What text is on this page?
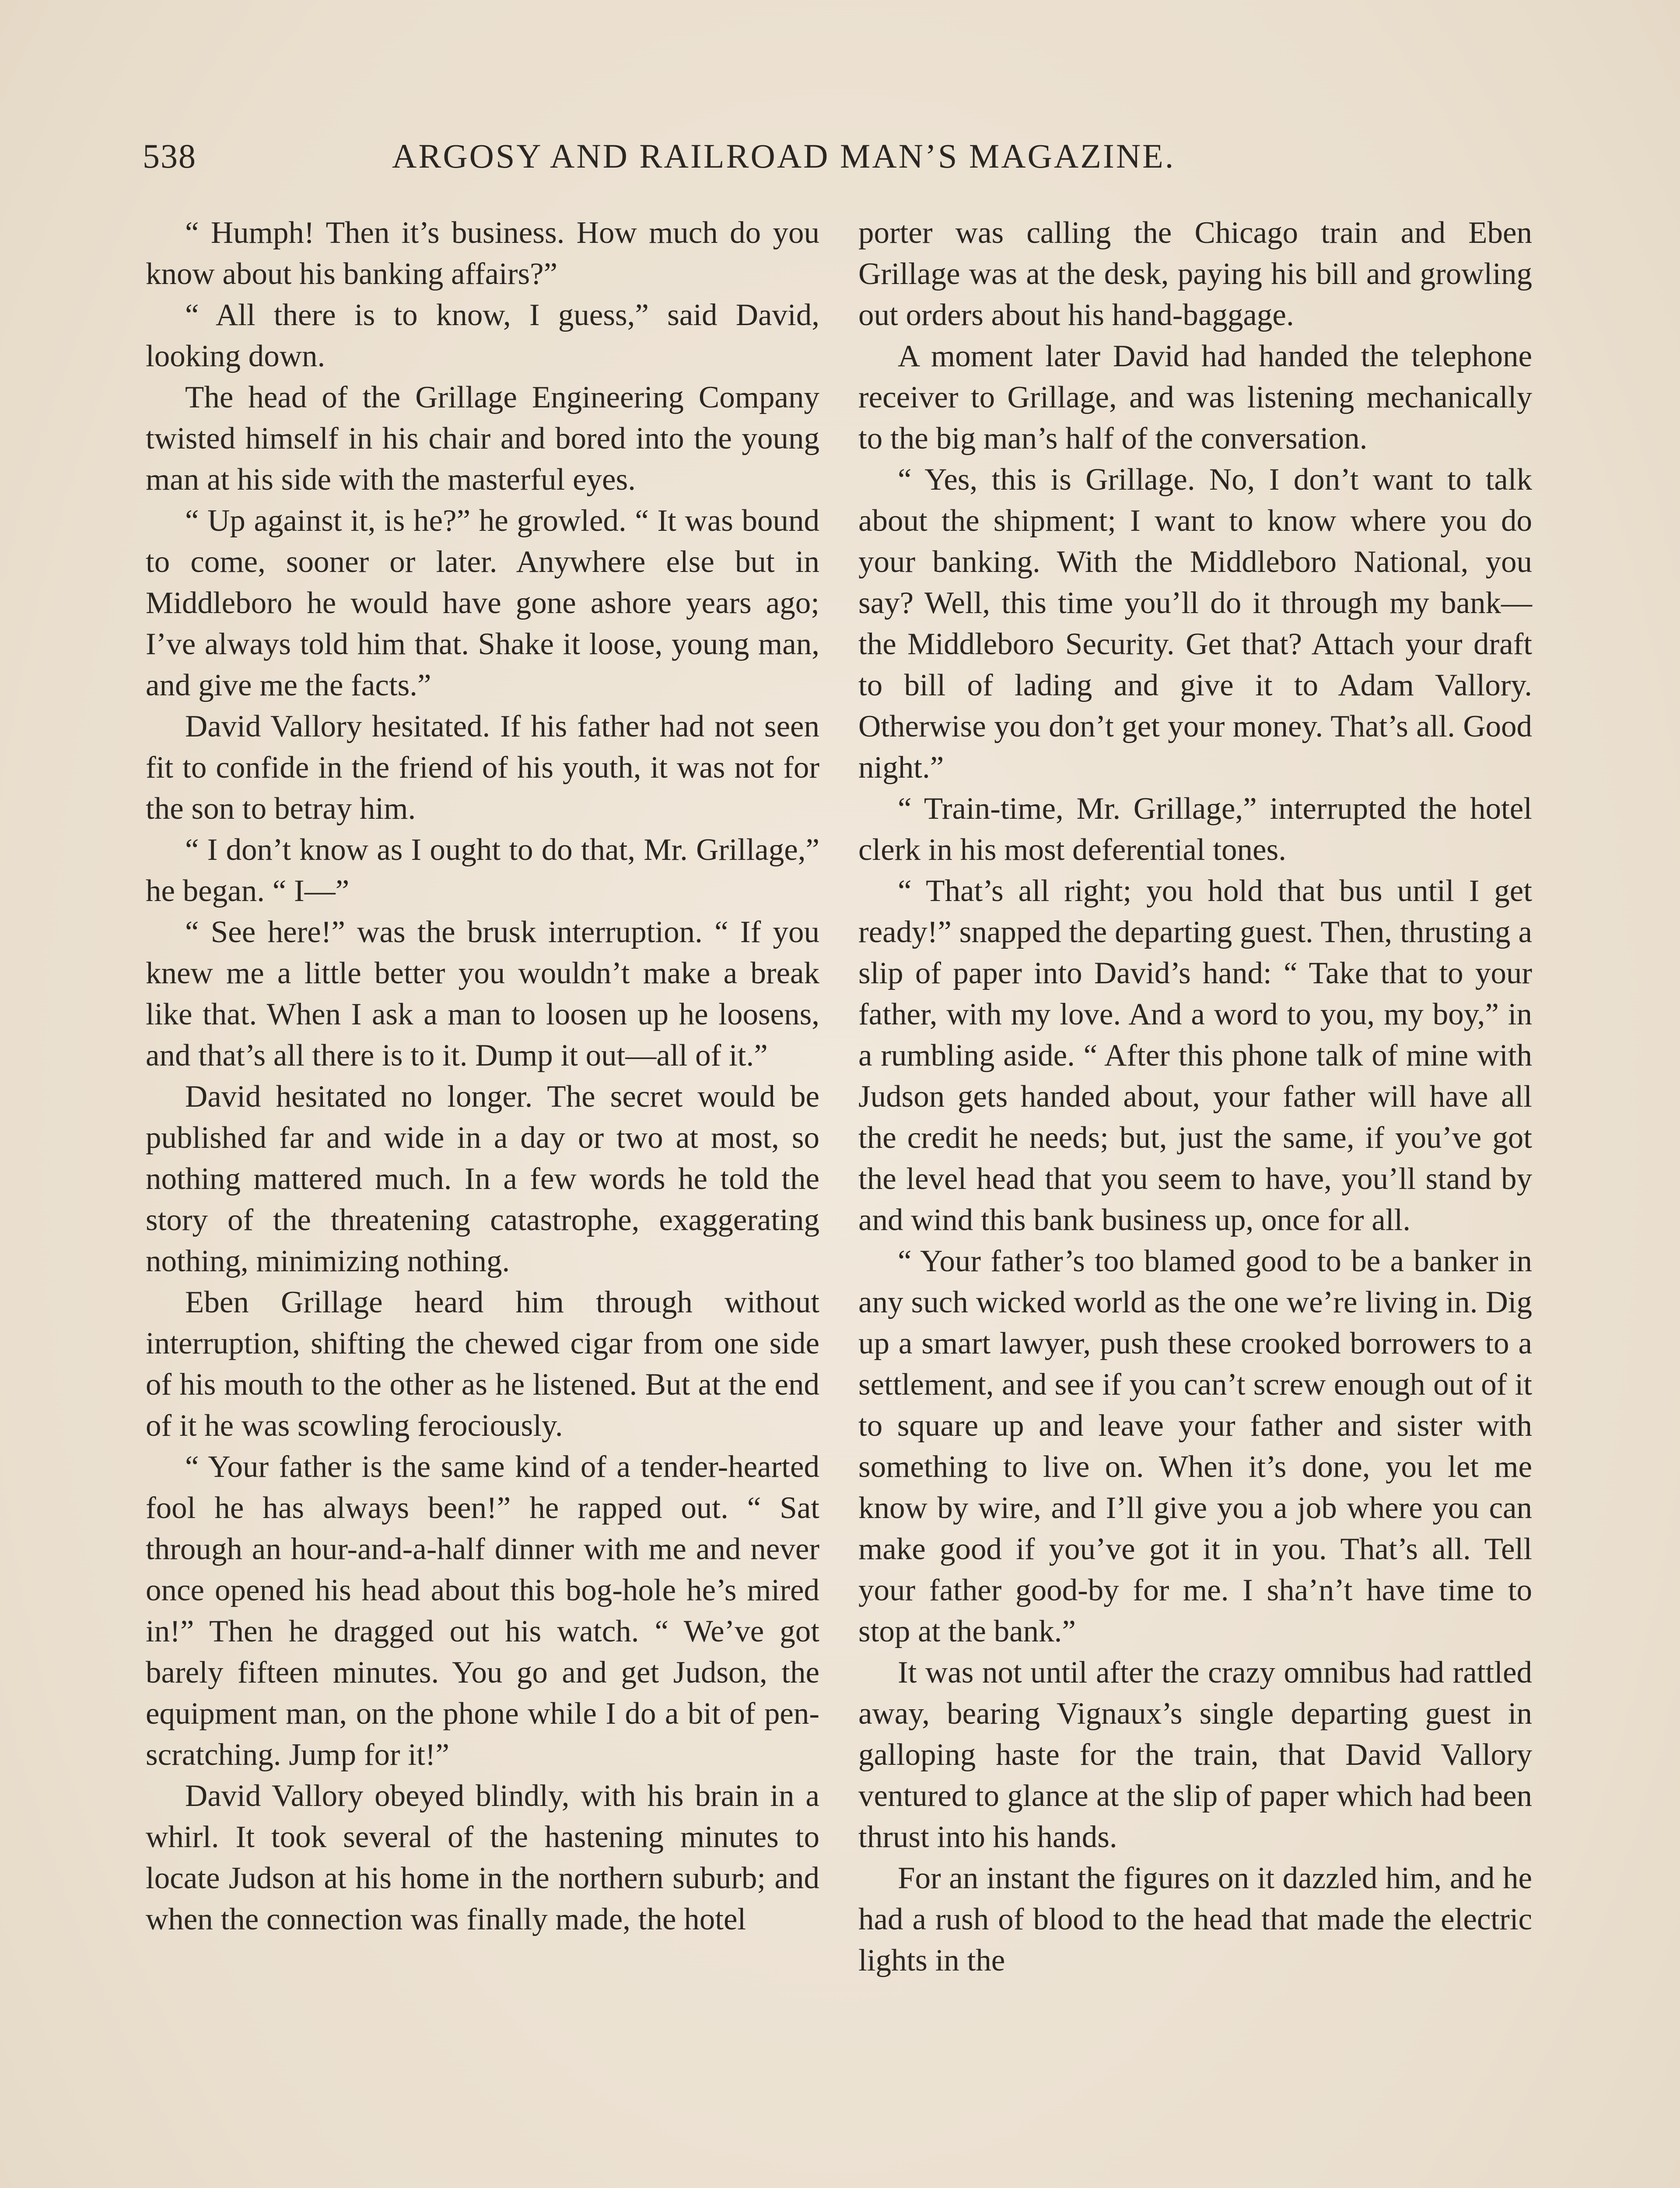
538	ARGOSY AND RAILROAD MAN’S MAGAZINE.

“ Humph! Then it’s business. How much do you know about his banking affairs?”

“ All there is to know, I guess,” said David, looking down.

The head of the Grillage Engineering Company twisted himself in his chair and bored into the young man at his side with the masterful eyes.

“ Up against it, is he?” he growled. “ It was bound to come, sooner or later. Anywhere else but in Middleboro he would have gone ashore years ago; I’ve always told him that. Shake it loose, young man, and give me the facts.”

David Vallory hesitated. If his father had not seen fit to confide in the friend of his youth, it was not for the son to betray him.

“ I don’t know as I ought to do that, Mr. Grillage,” he began. “ I—”

“ See here!” was the brusk interruption. “ If you knew me a little better you wouldn’t make a break like that. When I ask a man to loosen up he loosens, and that’s all there is to it. Dump it out—all of it.”

David hesitated no longer. The secret would be published far and wide in a day or two at most, so nothing mattered much. In a few words he told the story of the threatening catastrophe, exaggerating nothing, minimizing nothing.

Eben Grillage heard him through without interruption, shifting the chewed cigar from one side of his mouth to the other as he listened. But at the end of it he was scowling ferociously.

“ Your father is the same kind of a tender-hearted fool he has always been!” he rapped out. “ Sat through an hour-and-a-half dinner with me and never once opened his head about this bog-hole he’s mired in!” Then he dragged out his watch. “ We’ve got barely fifteen minutes. You go and get Judson, the equipment man, on the phone while I do a bit of pen-scratching. Jump for it!”

David Vallory obeyed blindly, with his brain in a whirl. It took several of the hastening minutes to locate Judson at his home in the northern suburb; and when the connection was finally made, the hotel

porter was calling the Chicago train and Eben Grillage was at the desk, paying his bill and growling out orders about his hand-baggage.

A moment later David had handed the telephone receiver to Grillage, and was listening mechanically to the big man’s half of the conversation.

“ Yes, this is Grillage. No, I don’t want to talk about the shipment; I want to know where you do your banking. With the Middleboro National, you say? Well, this time you’ll do it through my bank—the Middleboro Security. Get that? Attach your draft to bill of lading and give it to Adam Vallory. Otherwise you don’t get your money. That’s all. Good night.”

“ Train-time, Mr. Grillage,” interrupted the hotel clerk in his most deferential tones.

“ That’s all right; you hold that bus until I get ready!” snapped the departing guest. Then, thrusting a slip of paper into David’s hand: “ Take that to your father, with my love. And a word to you, my boy,” in a rumbling aside. “ After this phone talk of mine with Judson gets handed about, your father will have all the credit he needs; but, just the same, if you’ve got the level head that you seem to have, you’ll stand by and wind this bank business up, once for all.

“ Your father’s too blamed good to be a banker in any such wicked world as the one we’re living in. Dig up a smart lawyer, push these crooked borrowers to a settlement, and see if you can’t screw enough out of it to square up and leave your father and sister with something to live on. When it’s done, you let me know by wire, and I’ll give you a job where you can make good if you’ve got it in you. That’s all. Tell your father good-by for me. I sha’n’t have time to stop at the bank.”

It was not until after the crazy omnibus had rattled away, bearing Vignaux’s single departing guest in galloping haste for the train, that David Vallory ventured to glance at the slip of paper which had been thrust into his hands.

For an instant the figures on it dazzled him, and he had a rush of blood to the head that made the electric lights in the
